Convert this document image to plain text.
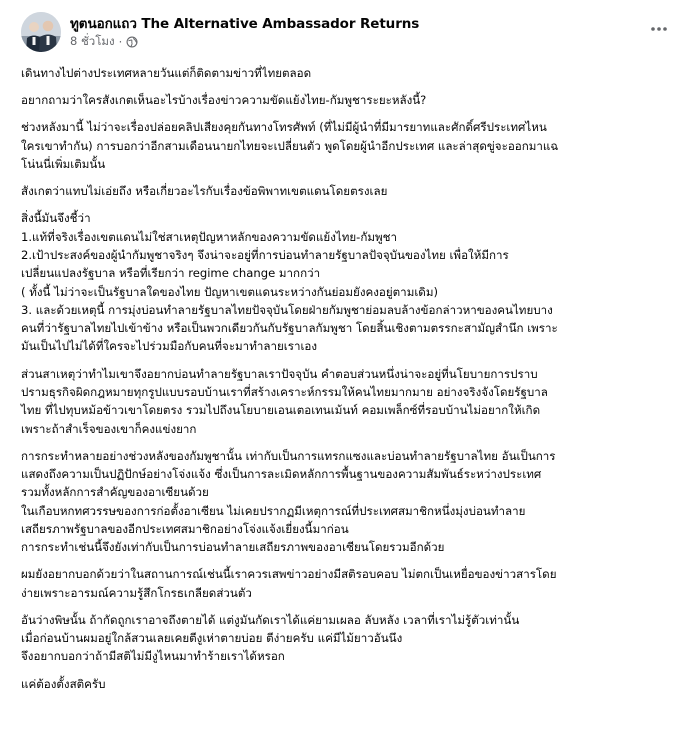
ทูตนอกแถว The Alternative Ambassador Returns
8 ชั่วโมง ·

เดินทางไปต่างประเทศหลายวันแต่ก็ติดตามข่าวที่ไทยตลอด

อยากถามว่าใครสังเกตเห็นอะไรบ้างเรื่องข่าวความขัดแย้งไทย-กัมพูชาระยะหลังนี้?

ช่วงหลังมานี้ ไม่ว่าจะเรื่องปล่อยคลิปเสียงคุยกันทางโทรศัพท์ (ที่ไม่มีผู้นำที่มีมารยาทและศักดิ์ศรีประเทศไหน
ใครเขาทำกัน) การบอกว่าอีกสามเดือนนายกไทยจะเปลี่ยนตัว พูดโดยผู้นำอีกประเทศ และล่าสุดขู่จะออกมาแฉ
โน่นนี่เพิ่มเติมนั้น

สังเกตว่าแทบไม่เอ่ยถึง หรือเกี่ยวอะไรกับเรื่องข้อพิพาทเขตแดนโดยตรงเลย

สิ่งนี้มันจึงชี้ว่า
1.แท้ที่จริงเรื่องเขตแดนไม่ใช่สาเหตุปัญหาหลักของความขัดแย้งไทย-กัมพูชา
2.เป้าประสงค์ของผู้นำกัมพูชาจริงๆ จึงน่าจะอยู่ที่การบ่อนทำลายรัฐบาลปัจจุบันของไทย เพื่อให้มีการ
เปลี่ยนแปลงรัฐบาล หรือที่เรียกว่า regime change มากกว่า
( ทั้งนี้ ไม่ว่าจะเป็นรัฐบาลใดของไทย ปัญหาเขตแดนระหว่างกันย่อมยังคงอยู่ตามเดิม)
3. และด้วยเหตุนี้ การมุ่งบ่อนทำลายรัฐบาลไทยปัจจุบันโดยฝ่ายกัมพูชาย่อมลบล้างข้อกล่าวหาของคนไทยบาง
คนที่ว่ารัฐบาลไทยไปเข้าข้าง หรือเป็นพวกเดียวกันกับรัฐบาลกัมพูชา โดยสิ้นเชิงตามตรรกะสามัญสำนึก เพราะ
มันเป็นไปไม่ได้ที่ใครจะไปร่วมมือกับคนที่จะมาทำลายเราเอง

ส่วนสาเหตุว่าทำไมเขาจึงอยากบ่อนทำลายรัฐบาลเราปัจจุบัน คำตอบส่วนหนึ่งน่าจะอยู่ที่นโยบายการปราบ
ปรามธุรกิจผิดกฎหมายทุกรูปแบบรอบบ้านเราที่สร้างเคราะห์กรรมให้คนไทยมากมาย อย่างจริงจังโดยรัฐบาล
ไทย ที่ไปทุบหม้อข้าวเขาโดยตรง รวมไปถึงนโยบายเอนเตอเทนเม้นท์ คอมเพล็กซ์ที่รอบบ้านไม่อยากให้เกิด
เพราะถ้าสำเร็จของเขาก็คงแข่งยาก

การกระทำหลายอย่างช่วงหลังของกัมพูชานั้น เท่ากับเป็นการแทรกแซงและบ่อนทำลายรัฐบาลไทย อันเป็นการ
แสดงถึงความเป็นปฏิปักษ์อย่างโจ่งแจ้ง ซึ่งเป็นการละเมิดหลักการพื้นฐานของความสัมพันธ์ระหว่างประเทศ
รวมทั้งหลักการสำคัญของอาเซียนด้วย
ในเกือบหกทศวรรษของการก่อตั้งอาเซียน ไม่เคยปรากฏมีเหตุการณ์ที่ประเทศสมาชิกหนึ่งมุ่งบ่อนทำลาย
เสถียรภาพรัฐบาลของอีกประเทศสมาชิกอย่างโจ่งแจ้งเยี่ยงนี้มาก่อน
การกระทำเช่นนี้จึงยังเท่ากับเป็นการบ่อนทำลายเสถียรภาพของอาเซียนโดยรวมอีกด้วย

ผมยังอยากบอกด้วยว่าในสถานการณ์เช่นนี้เราควรเสพข่าวอย่างมีสติรอบคอบ ไม่ตกเป็นเหยื่อของข่าวสารโดย
ง่ายเพราะอารมณ์ความรู้สึกโกรธเกลียดส่วนตัว

อันว่างพิษนั้น ถ้ากัดถูกเราอาจถึงตายได้ แต่งูมันกัดเราได้แค่ยามเผลอ ลับหลัง เวลาที่เราไม่รู้ตัวเท่านั้น
เมื่อก่อนบ้านผมอยู่ใกล้สวนเลยเคยตีงูเห่าตายบ่อย ตีง่ายครับ แค่มีไม้ยาวอันนึง
จึงอยากบอกว่าถ้ามีสติไม่มีงูไหนมาทำร้ายเราได้หรอก

แค่ต้องตั้งสติครับ
